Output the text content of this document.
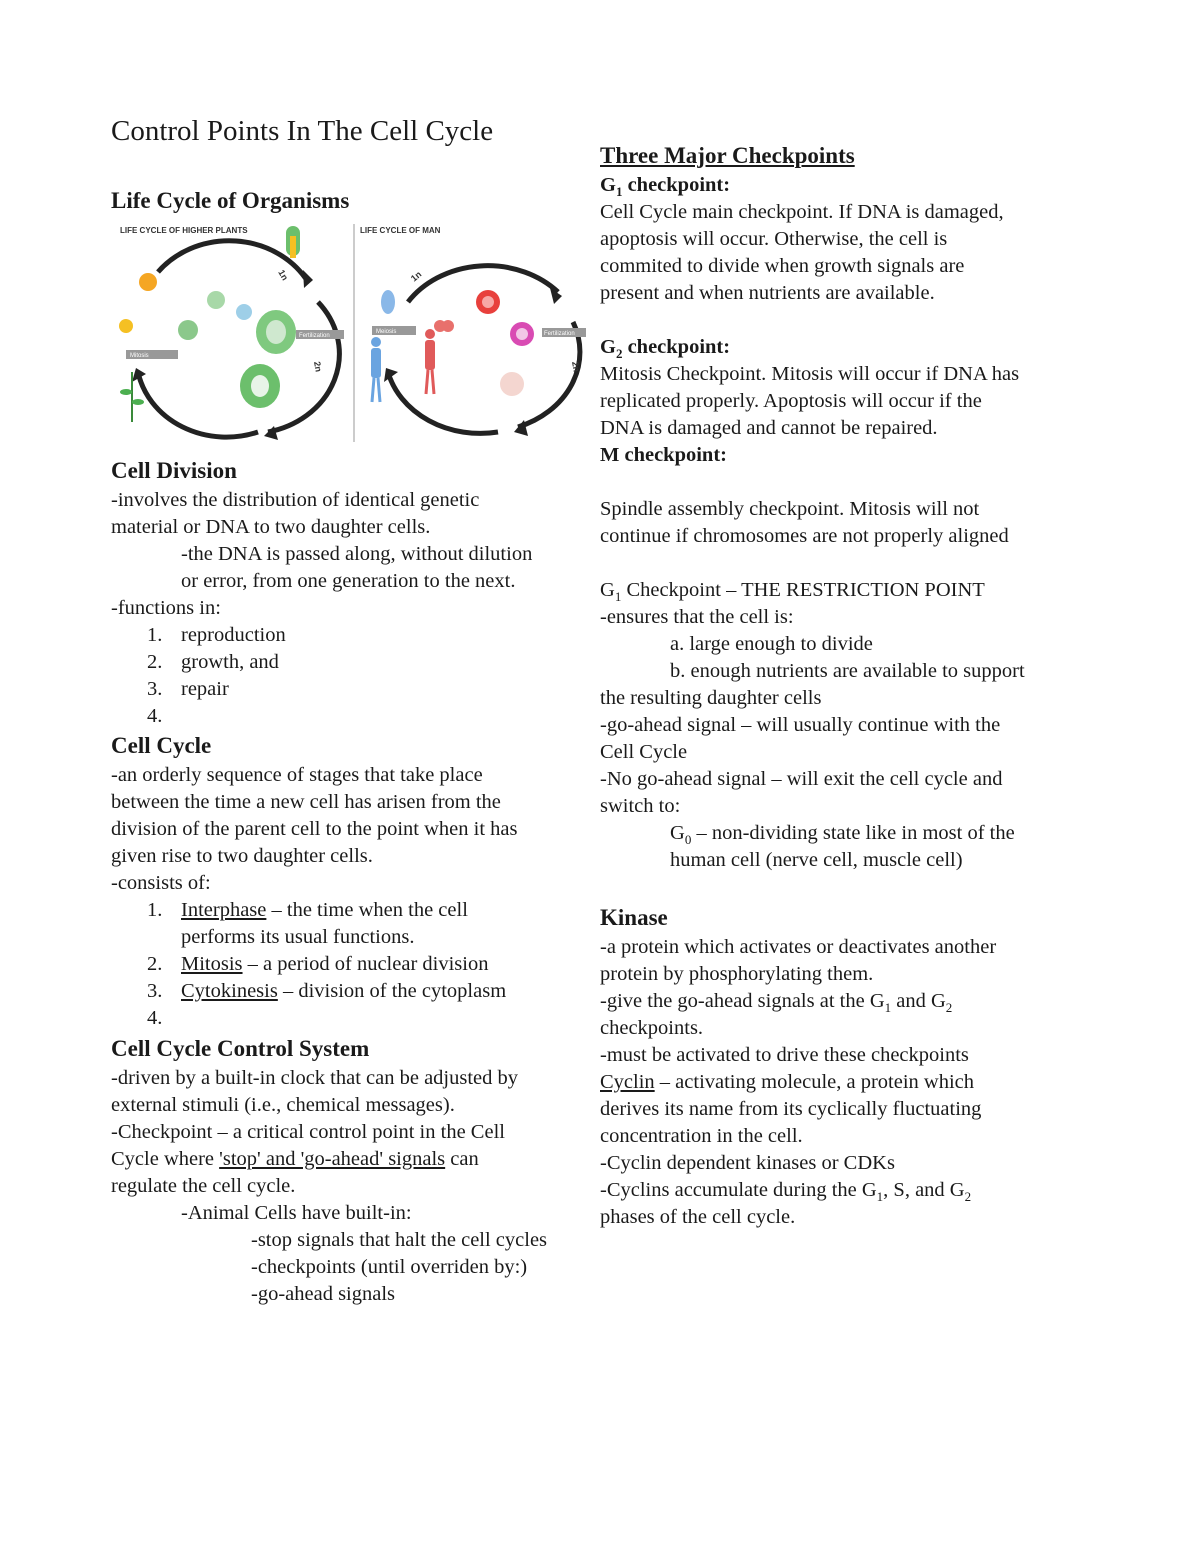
Control Points In The Cell Cycle
Life Cycle of Organisms
LIFE CYCLE OF HIGHER PLANTS
Mitosis
Fertilization
1n
2n
LIFE CYCLE OF MAN
Meiosis	Fertilization
1n
2n
Cell Division

-involves the distribution of identical genetic

material or DNA to two daughter cells.

-the DNA is passed along, without dilution

or error, from one generation to the next.

-functions in:

1. reproduction

2. growth, and

3. repair

4.

Cell Cycle

-an orderly sequence of stages that take place

between the time a new cell has arisen from the

division of the parent cell to the point when it has

given rise to two daughter cells.

-consists of:

1. Interphase – the time when the cell

performs its usual functions.

2. Mitosis – a period of nuclear division

3. Cytokinesis – division of the cytoplasm

4.

Cell Cycle Control System

-driven by a built-in clock that can be adjusted by

external stimuli (i.e., chemical messages).

-Checkpoint – a critical control point in the Cell

Cycle where 'stop' and 'go-ahead' signals can

regulate the cell cycle.

-Animal Cells have built-in:

-stop signals that halt the cell cycles

-checkpoints (until overriden by:)

-go-ahead signals

Three Major Checkpoints

$G_1$ checkpoint:

Cell Cycle main checkpoint. If DNA is damaged,

apoptosis will occur. Otherwise, the cell is

commited to divide when growth signals are

present and when nutrients are available.

$G_2$ checkpoint:

Mitosis Checkpoint. Mitosis will occur if DNA has

replicated properly. Apoptosis will occur if the

DNA is damaged and cannot be repaired.

M checkpoint:

Spindle assembly checkpoint. Mitosis will not

continue if chromosomes are not properly aligned

$G_1$ Checkpoint – THE RESTRICTION POINT

-ensures that the cell is:

a. large enough to divide

b. enough nutrients are available to support

the resulting daughter cells

-go-ahead signal – will usually continue with the

Cell Cycle

-No go-ahead signal – will exit the cell cycle and

switch to:

$G_0$ – non-dividing state like in most of the

human cell (nerve cell, muscle cell)

Kinase

-a protein which activates or deactivates another

protein by phosphorylating them.

-give the go-ahead signals at the $G_1$ and $G_2$

checkpoints.

-must be activated to drive these checkpoints

Cyclin – activating molecule, a protein which

derives its name from its cyclically fluctuating

concentration in the cell.

-Cyclin dependent kinases or CDKs

-Cyclins accumulate during the $G_1$, S, and $G_2$

phases of the cell cycle.
